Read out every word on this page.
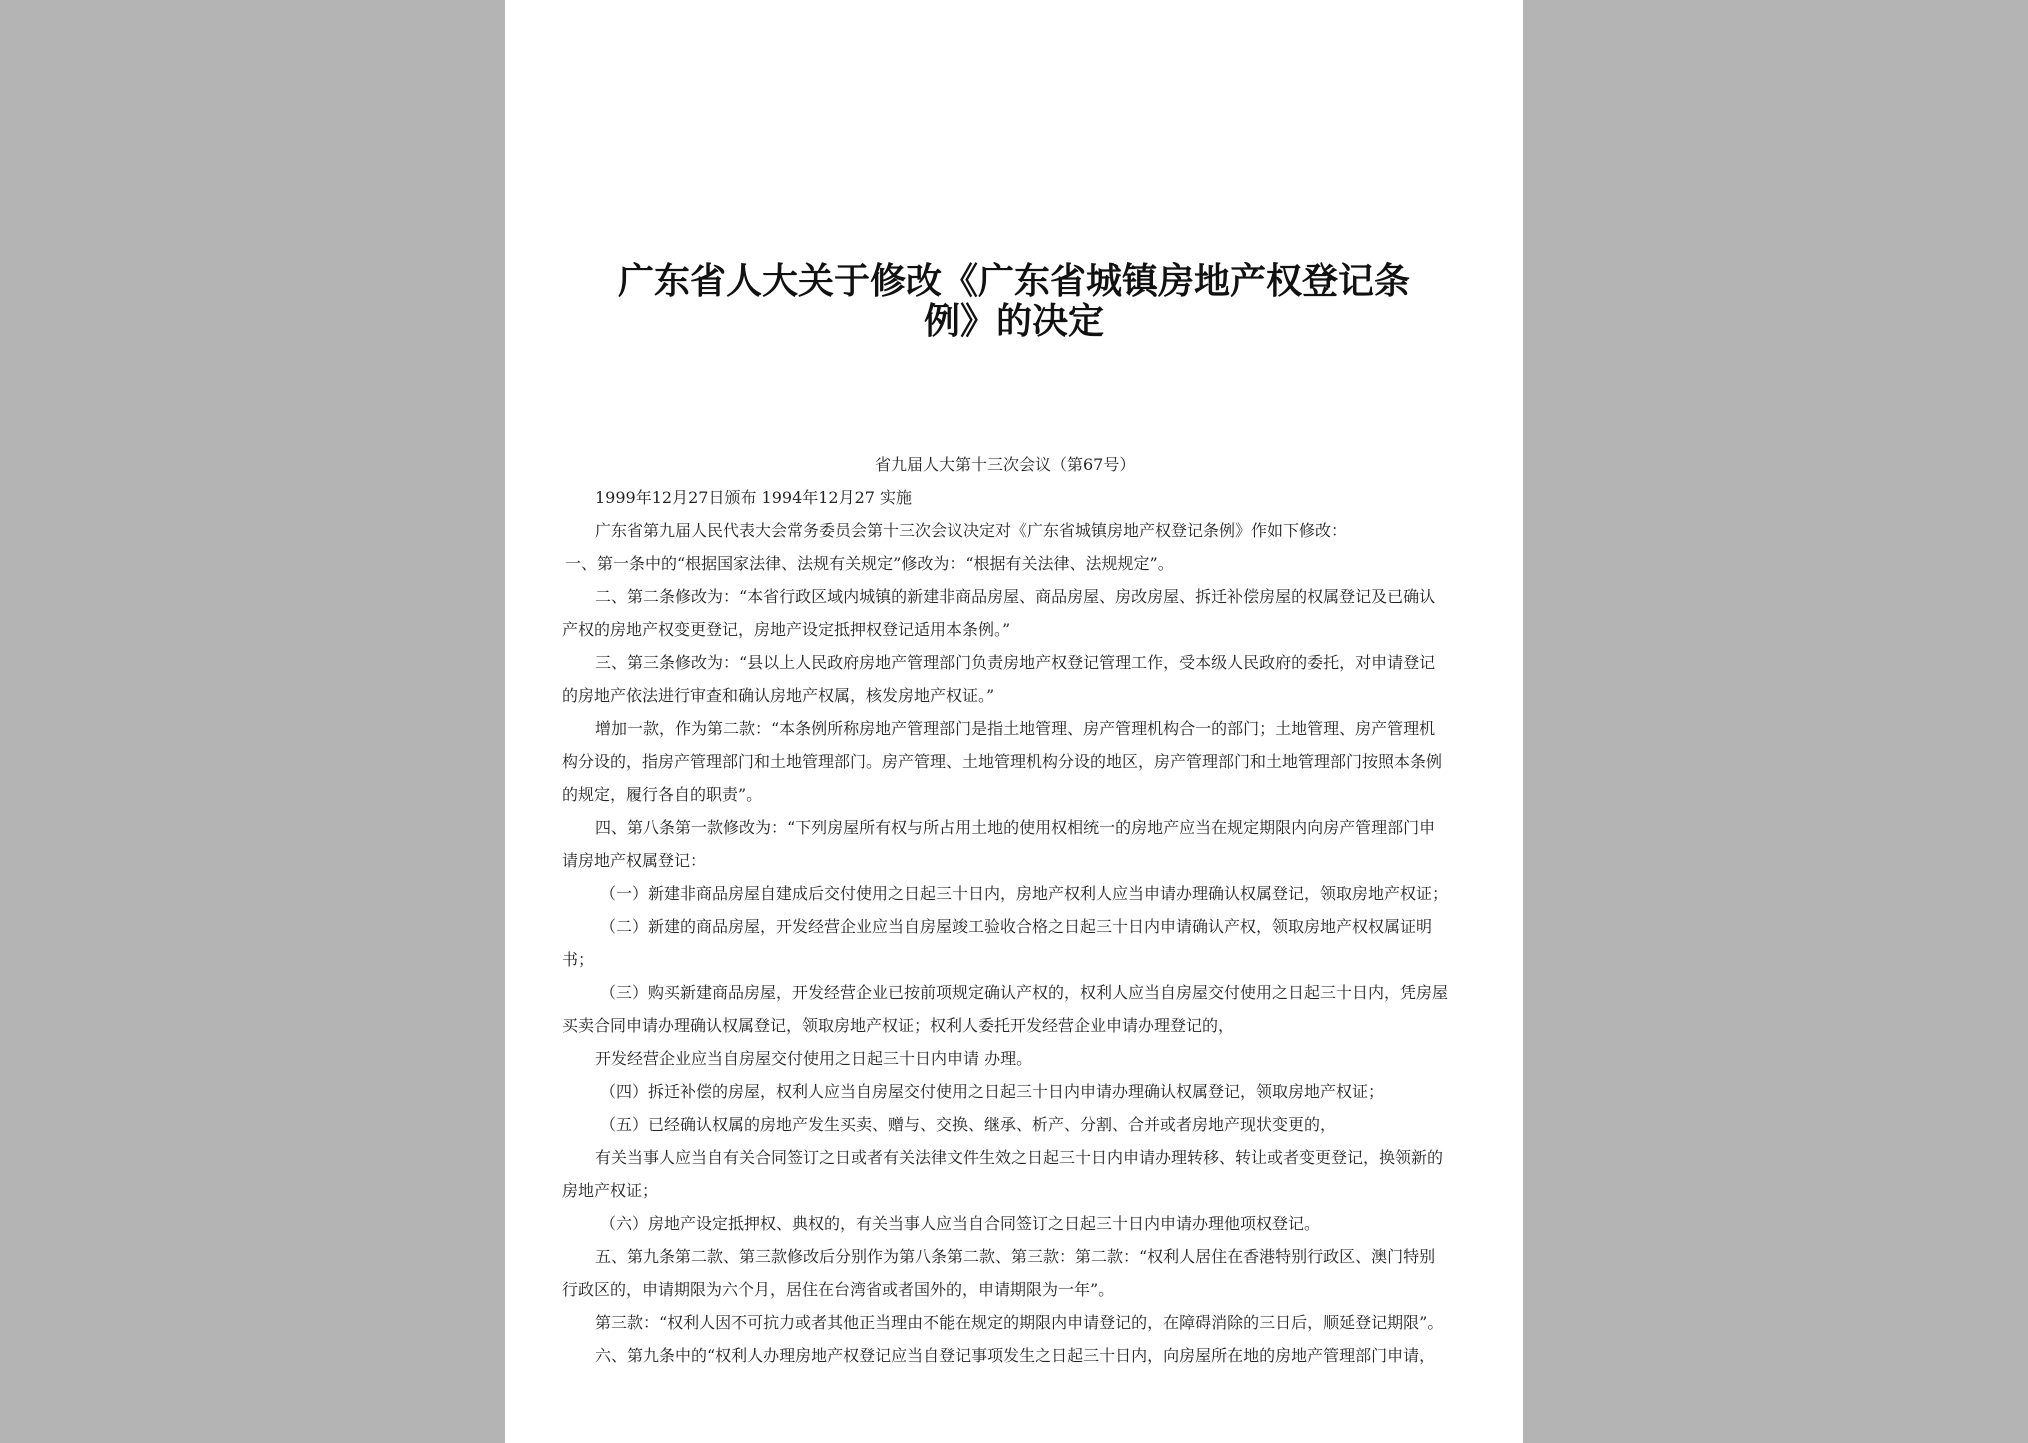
广东省人大关于修改《广东省城镇房地产权登记条
例》的决定
省九届人大第十三次会议（第67号）
1999年12月27日颁布 1994年12月27 实施
广东省第九届人民代表大会常务委员会第十三次会议决定对《广东省城镇房地产权登记条例》作如下修改：
一、第一条中的“根据国家法律、法规有关规定”修改为：“根据有关法律、法规规定”。
二、第二条修改为：“本省行政区域内城镇的新建非商品房屋、商品房屋、房改房屋、拆迁补偿房屋的权属登记及已确认
产权的房地产权变更登记，房地产设定抵押权登记适用本条例。”
三、第三条修改为：“县以上人民政府房地产管理部门负责房地产权登记管理工作，受本级人民政府的委托，对申请登记
的房地产依法进行审查和确认房地产权属，核发房地产权证。”
增加一款，作为第二款：“本条例所称房地产管理部门是指土地管理、房产管理机构合一的部门；土地管理、房产管理机
构分设的，指房产管理部门和土地管理部门。房产管理、土地管理机构分设的地区，房产管理部门和土地管理部门按照本条例
的规定，履行各自的职责”。
四、第八条第一款修改为：“下列房屋所有权与所占用土地的使用权相统一的房地产应当在规定期限内向房产管理部门申
请房地产权属登记：
（一）新建非商品房屋自建成后交付使用之日起三十日内，房地产权利人应当申请办理确认权属登记，领取房地产权证；
（二）新建的商品房屋，开发经营企业应当自房屋竣工验收合格之日起三十日内申请确认产权，领取房地产权权属证明
书；
（三）购买新建商品房屋，开发经营企业已按前项规定确认产权的，权利人应当自房屋交付使用之日起三十日内，凭房屋
买卖合同申请办理确认权属登记，领取房地产权证；权利人委托开发经营企业申请办理登记的，
开发经营企业应当自房屋交付使用之日起三十日内申请 办理。
（四）拆迁补偿的房屋，权利人应当自房屋交付使用之日起三十日内申请办理确认权属登记，领取房地产权证；
（五）已经确认权属的房地产发生买卖、赠与、交换、继承、析产、分割、合并或者房地产现状变更的，
有关当事人应当自有关合同签订之日或者有关法律文件生效之日起三十日内申请办理转移、转让或者变更登记，换领新的
房地产权证；
（六）房地产设定抵押权、典权的，有关当事人应当自合同签订之日起三十日内申请办理他项权登记。
五、第九条第二款、第三款修改后分别作为第八条第二款、第三款：第二款：“权利人居住在香港特别行政区、澳门特别
行政区的，申请期限为六个月，居住在台湾省或者国外的，申请期限为一年”。
第三款：“权利人因不可抗力或者其他正当理由不能在规定的期限内申请登记的，在障碍消除的三日后，顺延登记期限”。
六、第九条中的“权利人办理房地产权登记应当自登记事项发生之日起三十日内，向房屋所在地的房地产管理部门申请，
